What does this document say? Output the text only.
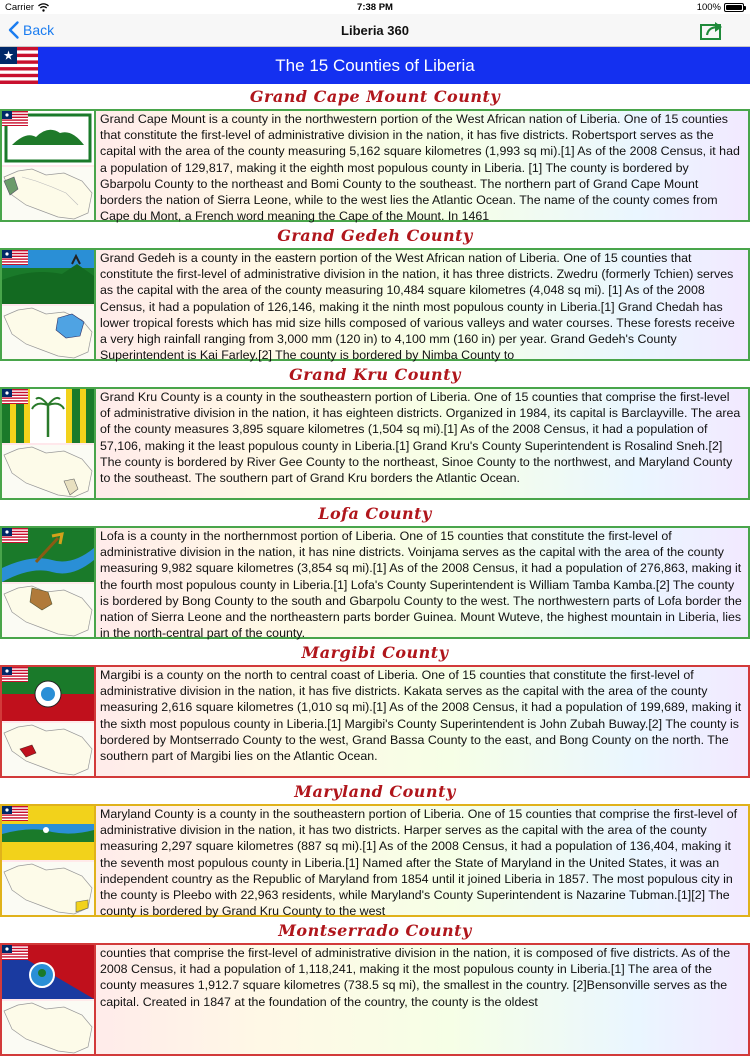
Carrier	7:38 PM	100%
Back	Liberia 360
The 15 Counties of Liberia
Grand Cape Mount County
Grand Cape Mount is a county in the northwestern portion of the West African nation of Liberia. One of 15 counties that constitute the first-level of administrative division in the nation, it has five districts. Robertsport serves as the capital with the area of the county measuring 5,162 square kilometres (1,993 sq mi).[1] As of the 2008 Census, it had a population of 129,817, making it the eighth most populous county in Liberia. [1] The county is bordered by Gbarpolu County to the northeast and Bomi County to the southeast. The northern part of Grand Cape Mount borders the nation of Sierra Leone, while to the west lies the Atlantic Ocean. The name of the county comes from Cape du Mont, a French word meaning the Cape of the Mount. In 1461
Grand Gedeh County
Grand Gedeh is a county in the eastern portion of the West African nation of Liberia. One of 15 counties that constitute the first-level of administrative division in the nation, it has three districts. Zwedru (formerly Tchien) serves as the capital with the area of the county measuring 10,484 square kilometres (4,048 sq mi). [1] As of the 2008 Census, it had a population of 126,146, making it the ninth most populous county in Liberia.[1] Grand Chedah has lower tropical forests which has mid size hills composed of various valleys and water courses. These forests receive a very high rainfall ranging from 3,000 mm (120 in) to 4,100 mm (160 in) per year. Grand Gedeh's County Superintendent is Kai Farley.[2] The county is bordered by Nimba County to
Grand Kru County
Grand Kru County is a county in the southeastern portion of Liberia. One of 15 counties that comprise the first-level of administrative division in the nation, it has eighteen districts. Organized in 1984, its capital is Barclayville. The area of the county measures 3,895 square kilometres (1,504 sq mi).[1] As of the 2008 Census, it had a population of 57,106, making it the least populous county in Liberia.[1] Grand Kru's County Superintendent is Rosalind Sneh.[2] The county is bordered by River Gee County to the northeast, Sinoe County to the northwest, and Maryland County to the southeast. The southern part of Grand Kru borders the Atlantic Ocean.
Lofa County
Lofa is a county in the northernmost portion of Liberia. One of 15 counties that constitute the first-level of administrative division in the nation, it has nine districts. Voinjama serves as the capital with the area of the county measuring 9,982 square kilometres (3,854 sq mi).[1] As of the 2008 Census, it had a population of 276,863, making it the fourth most populous county in Liberia.[1] Lofa's County Superintendent is William Tamba Kamba.[2] The county is bordered by Bong County to the south and Gbarpolu County to the west. The northwestern parts of Lofa border the nation of Sierra Leone and the northeastern parts border Guinea. Mount Wuteve, the highest mountain in Liberia, lies in the north-central part of the county.
Margibi County
Margibi is a county on the north to central coast of Liberia. One of 15 counties that constitute the first-level of administrative division in the nation, it has five districts. Kakata serves as the capital with the area of the county measuring 2,616 square kilometres (1,010 sq mi).[1] As of the 2008 Census, it had a population of 199,689, making it the sixth most populous county in Liberia.[1] Margibi's County Superintendent is John Zubah Buway.[2] The county is bordered by Montserrado County to the west, Grand Bassa County to the east, and Bong County on the north. The southern part of Margibi lies on the Atlantic Ocean.
Maryland County
Maryland County is a county in the southeastern portion of Liberia. One of 15 counties that comprise the first-level of administrative division in the nation, it has two districts. Harper serves as the capital with the area of the county measuring 2,297 square kilometres (887 sq mi).[1] As of the 2008 Census, it had a population of 136,404, making it the seventh most populous county in Liberia.[1] Named after the State of Maryland in the United States, it was an independent country as the Republic of Maryland from 1854 until it joined Liberia in 1857. The most populous city in the county is Pleebo with 22,963 residents, while Maryland's County Superintendent is Nazarine Tubman.[1][2] The county is bordered by Grand Kru County to the west
Montserrado County
counties that comprise the first-level of administrative division in the nation, it is composed of five districts. As of the 2008 Census, it had a population of 1,118,241, making it the most populous county in Liberia.[1] The area of the county measures 1,912.7 square kilometres (738.5 sq mi), the smallest in the country. [2]Bensonville serves as the capital. Created in 1847 at the foundation of the country, the county is the oldest
